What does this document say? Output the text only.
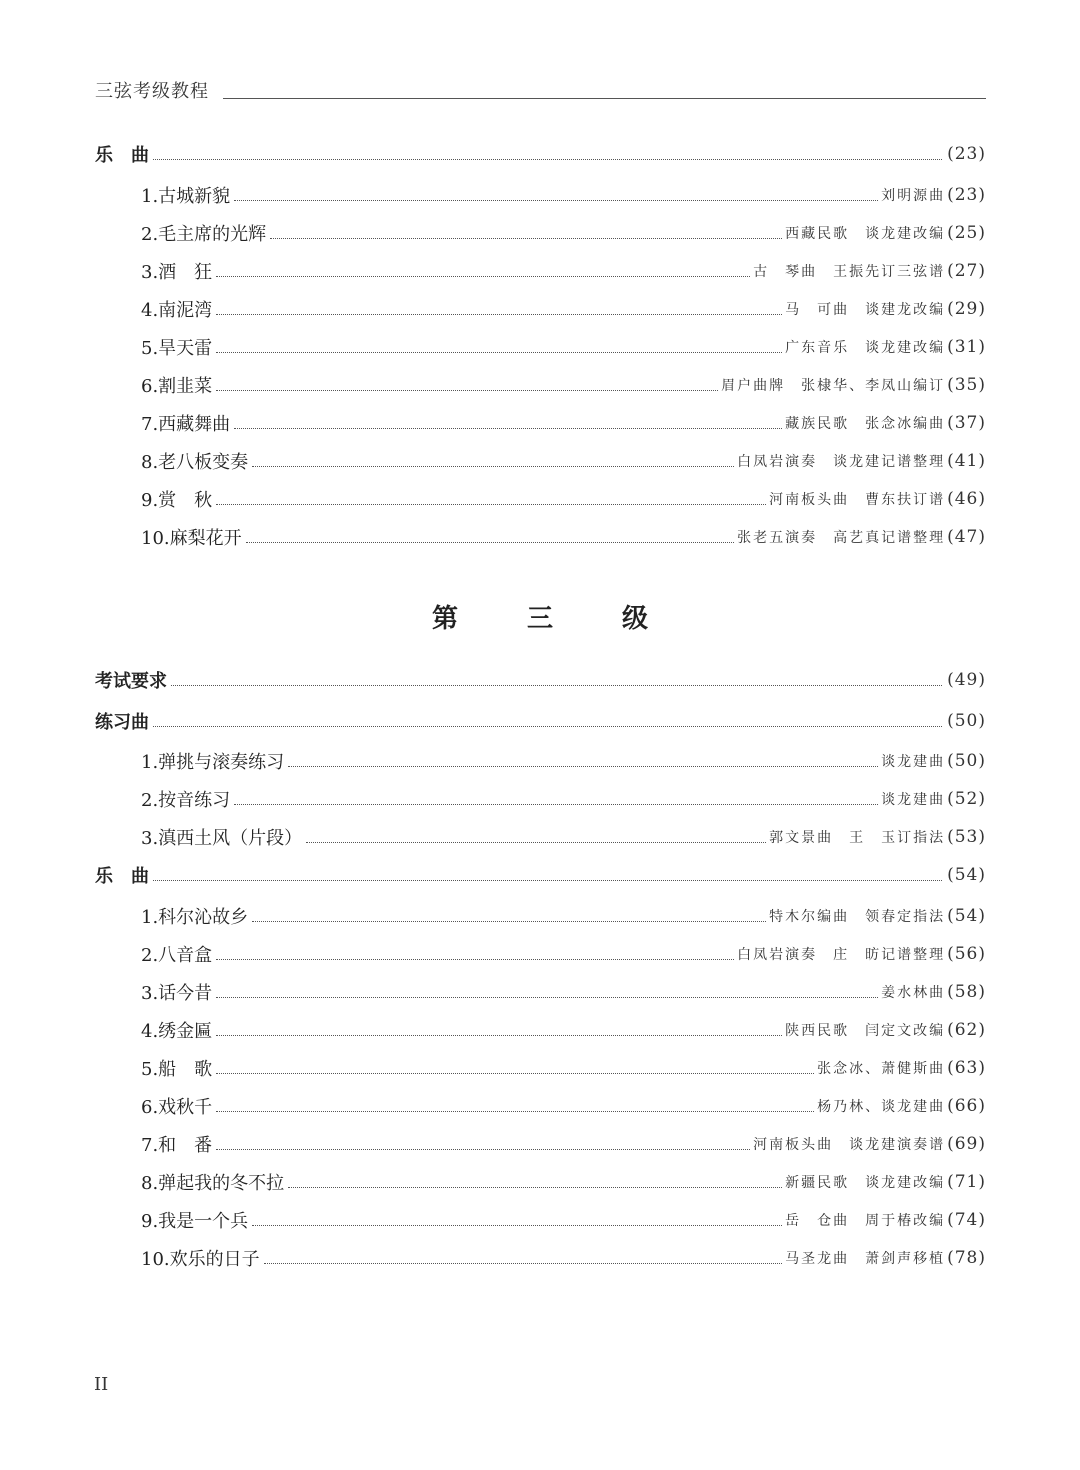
三弦考级教程
乐　曲	(23)
1.古城新貌	刘明源曲 (23)
2.毛主席的光辉	西藏民歌　谈龙建改编 (25)
3.酒　狂	古　琴曲　王振先订三弦谱 (27)
4.南泥湾	马　可曲　谈建龙改编 (29)
5.旱天雷	广东音乐　谈龙建改编 (31)
6.割韭菜	眉户曲牌　张棣华、李凤山编订 (35)
7.西藏舞曲	藏族民歌　张念冰编曲 (37)
8.老八板变奏	白凤岩演奏　谈龙建记谱整理 (41)
9.赏　秋	河南板头曲　曹东扶订谱 (46)
10.麻梨花开	张老五演奏　高艺真记谱整理 (47)
考试要求	(49)
练习曲	(50)
1.弹挑与滚奏练习	谈龙建曲 (50)
2.按音练习	谈龙建曲 (52)
3.滇西土风（片段）	郭文景曲　王　玉订指法 (53)
乐　曲	(54)
1.科尔沁故乡	特木尔编曲　领春定指法 (54)
2.八音盒	白凤岩演奏　庄　昉记谱整理 (56)
3.话今昔	姜水林曲 (58)
4.绣金匾	陕西民歌　闫定文改编 (62)
5.船　歌	张念冰、萧健斯曲 (63)
6.戏秋千	杨乃林、谈龙建曲 (66)
7.和　番	河南板头曲　谈龙建演奏谱 (69)
8.弹起我的冬不拉	新疆民歌　谈龙建改编 (71)
9.我是一个兵	岳　仓曲　周于椿改编 (74)
10.欢乐的日子	马圣龙曲　萧剑声移植 (78)
第 三 级
II
